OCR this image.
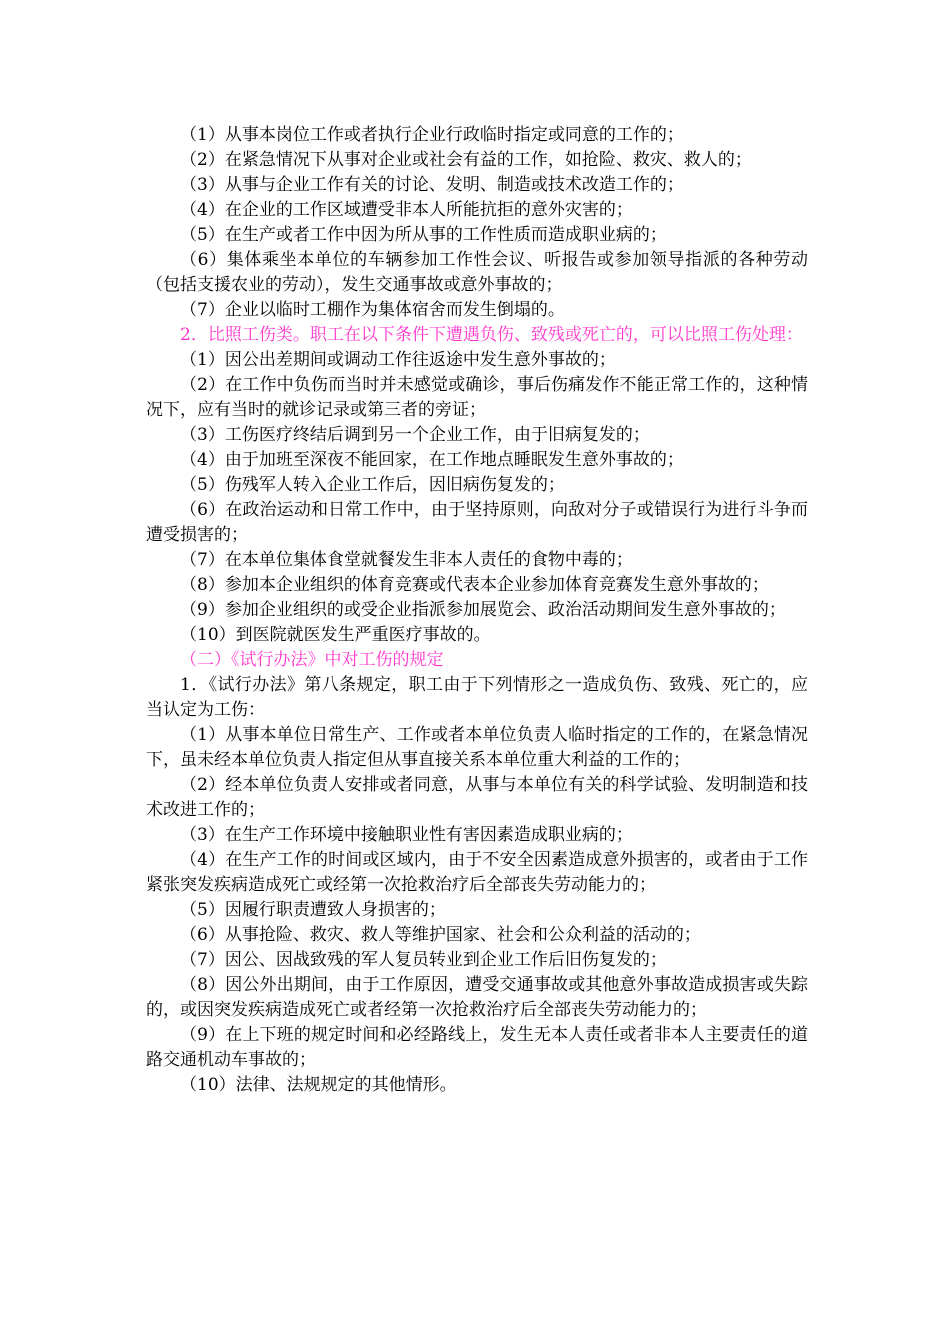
（1）从事本岗位工作或者执行企业行政临时指定或同意的工作的；

（2）在紧急情况下从事对企业或社会有益的工作，如抢险、救灾、救人的；

（3）从事与企业工作有关的讨论、发明、制造或技术改造工作的；

（4）在企业的工作区域遭受非本人所能抗拒的意外灾害的；

（5）在生产或者工作中因为所从事的工作性质而造成职业病的；

（6）集体乘坐本单位的车辆参加工作性会议、听报告或参加领导指派的各种劳动（包括支援农业的劳动），发生交通事故或意外事故的；

（7）企业以临时工棚作为集体宿舍而发生倒塌的。

2．比照工伤类。职工在以下条件下遭遇负伤、致残或死亡的，可以比照工伤处理：

（1）因公出差期间或调动工作往返途中发生意外事故的；

（2）在工作中负伤而当时并未感觉或确诊，事后伤痛发作不能正常工作的，这种情况下，应有当时的就诊记录或第三者的旁证；

（3）工伤医疗终结后调到另一个企业工作，由于旧病复发的；

（4）由于加班至深夜不能回家，在工作地点睡眠发生意外事故的；

（5）伤残军人转入企业工作后，因旧病伤复发的；

（6）在政治运动和日常工作中，由于坚持原则，向敌对分子或错误行为进行斗争而遭受损害的；

（7）在本单位集体食堂就餐发生非本人责任的食物中毒的；

（8）参加本企业组织的体育竞赛或代表本企业参加体育竞赛发生意外事故的；

（9）参加企业组织的或受企业指派参加展览会、政治活动期间发生意外事故的；

（10）到医院就医发生严重医疗事故的。

（二）《试行办法》中对工伤的规定

1．《试行办法》第八条规定，职工由于下列情形之一造成负伤、致残、死亡的，应当认定为工伤：

（1）从事本单位日常生产、工作或者本单位负责人临时指定的工作的，在紧急情况下，虽未经本单位负责人指定但从事直接关系本单位重大利益的工作的；

（2）经本单位负责人安排或者同意，从事与本单位有关的科学试验、发明制造和技术改进工作的；

（3）在生产工作环境中接触职业性有害因素造成职业病的；

（4）在生产工作的时间或区域内，由于不安全因素造成意外损害的，或者由于工作紧张突发疾病造成死亡或经第一次抢救治疗后全部丧失劳动能力的；

（5）因履行职责遭致人身损害的；

（6）从事抢险、救灾、救人等维护国家、社会和公众利益的活动的；

（7）因公、因战致残的军人复员转业到企业工作后旧伤复发的；

（8）因公外出期间，由于工作原因，遭受交通事故或其他意外事故造成损害或失踪的，或因突发疾病造成死亡或者经第一次抢救治疗后全部丧失劳动能力的；

（9）在上下班的规定时间和必经路线上，发生无本人责任或者非本人主要责任的道路交通机动车事故的；

（10）法律、法规规定的其他情形。
